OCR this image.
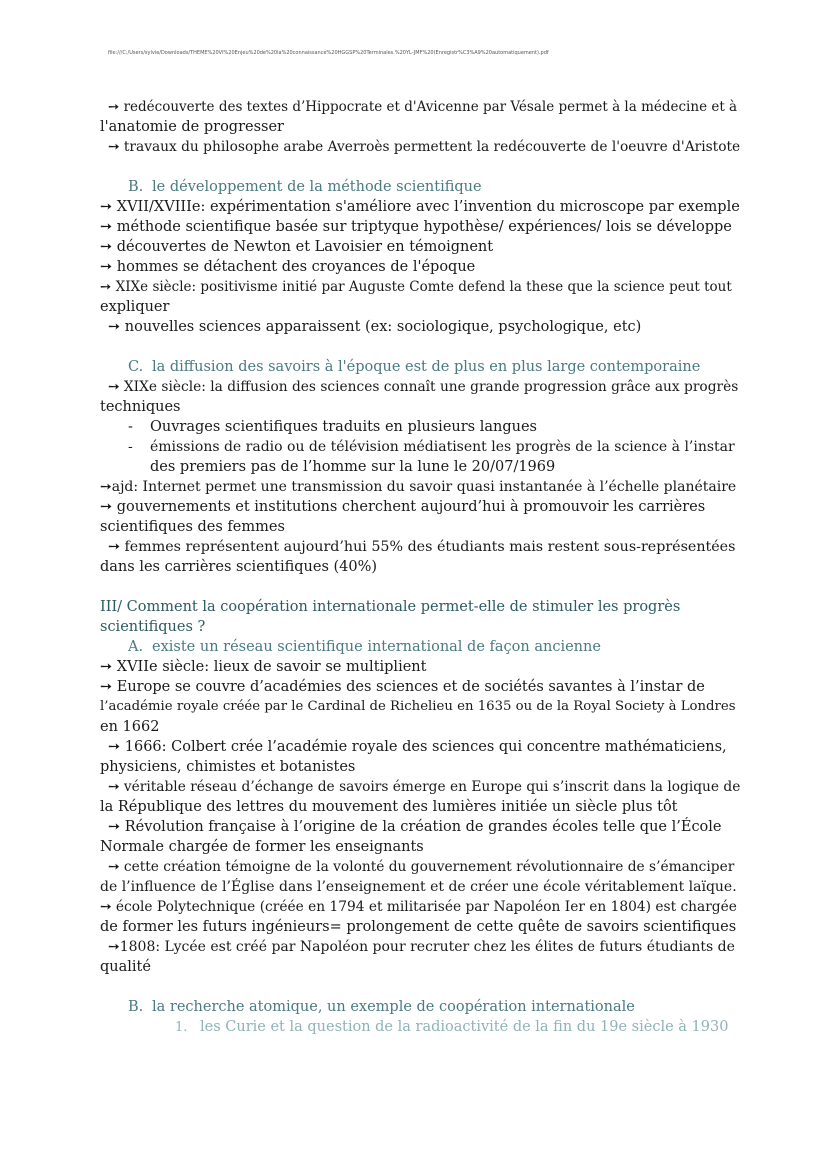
file:///C:/Users/sylvie/Downloads/THEME%20VI%20Enjeu%20de%20la%20connaissance%20HGGSP%20Terminales.%20YL-JMF%20(Enregistr%C3%A9%20automatiquement).pdf
➙ redécouverte des textes d’Hippocrate et d'Avicenne par Vésale permet à la médecine et à
l'anatomie de progresser
➙ travaux du philosophe arabe Averroès permettent la redécouverte de l'oeuvre d'Aristote
B. le développement de la méthode scientifique
➙ XVII/XVIIIe: expérimentation s'améliore avec l’invention du microscope par exemple
➙ méthode scientifique basée sur triptyque hypothèse/ expériences/ lois se développe
➙ découvertes de Newton et Lavoisier en témoignent
➙ hommes se détachent des croyances de l'époque
➙ XIXe siècle: positivisme initié par Auguste Comte defend la these que la science peut tout
expliquer
➙ nouvelles sciences apparaissent (ex: sociologique, psychologique, etc)
C. la diffusion des savoirs à l'époque est de plus en plus large contemporaine
➙ XIXe siècle: la diffusion des sciences connaît une grande progression grâce aux progrès
techniques
- Ouvrages scientifiques traduits en plusieurs langues
- émissions de radio ou de télévision médiatisent les progrès de la science à l’instar
des premiers pas de l’homme sur la lune le 20/07/1969
➙ajd: Internet permet une transmission du savoir quasi instantanée à l’échelle planétaire
➙ gouvernements et institutions cherchent aujourd’hui à promouvoir les carrières
scientifiques des femmes
➙ femmes représentent aujourd’hui 55% des étudiants mais restent sous-représentées
dans les carrières scientifiques (40%)
III/ Comment la coopération internationale permet-elle de stimuler les progrès
scientifiques ?
A. existe un réseau scientifique international de façon ancienne
➙ XVIIe siècle: lieux de savoir se multiplient
➙ Europe se couvre d’académies des sciences et de sociétés savantes à l’instar de
l’académie royale créée par le Cardinal de Richelieu en 1635 ou de la Royal Society à Londres
en 1662
➙ 1666: Colbert crée l’académie royale des sciences qui concentre mathématiciens,
physiciens, chimistes et botanistes
➙ véritable réseau d’échange de savoirs émerge en Europe qui s’inscrit dans la logique de
la République des lettres du mouvement des lumières initiée un siècle plus tôt
➙ Révolution française à l’origine de la création de grandes écoles telle que l’École
Normale chargée de former les enseignants
➙ cette création témoigne de la volonté du gouvernement révolutionnaire de s’émanciper
de l’influence de l’Église dans l’enseignement et de créer une école véritablement laïque.
➙ école Polytechnique (créée en 1794 et militarisée par Napoléon Ier en 1804) est chargée
de former les futurs ingénieurs= prolongement de cette quête de savoirs scientifiques
➙1808: Lycée est créé par Napoléon pour recruter chez les élites de futurs étudiants de
qualité
B. la recherche atomique, un exemple de coopération internationale
1. les Curie et la question de la radioactivité de la fin du 19e siècle à 1930
